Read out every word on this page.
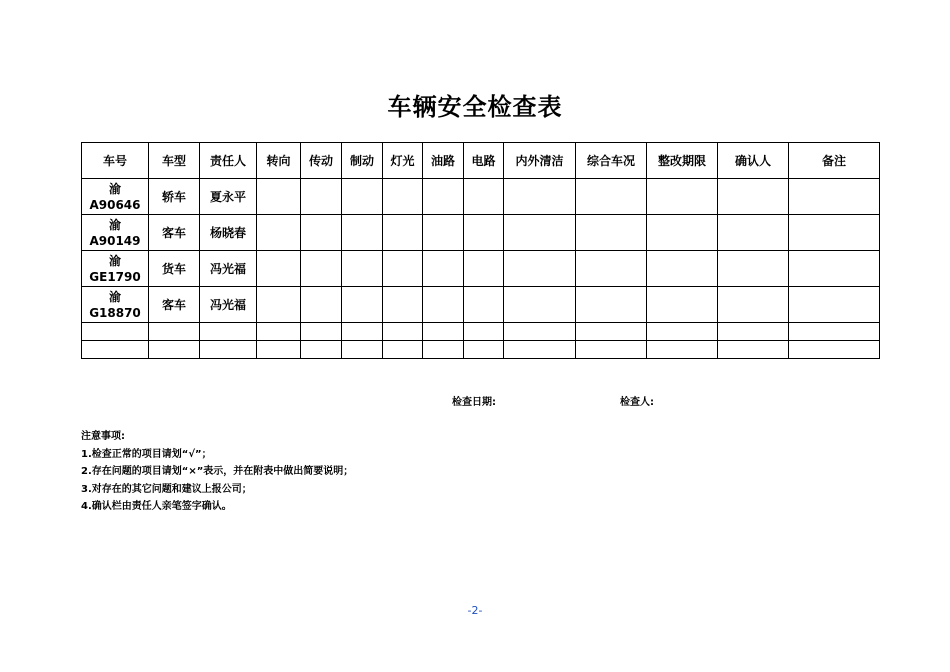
车辆安全检查表
车号	车型	责任人	转向	传动	制动	灯光	油路	电路	内外清洁	综合车况	整改期限	确认人	备注

渝
A90646	轿车	夏永平											

渝
A90149	客车	杨晓春											

渝
GE1790	货车	冯光福											

渝
G18870	客车	冯光福											

检查日期:	检查人:
注意事项:
1.检查正常的项目请划“√”；
2.存在问题的项目请划“×”表示，并在附表中做出简要说明；
3.对存在的其它问题和建议上报公司；
4.确认栏由责任人亲笔签字确认。
-2-
